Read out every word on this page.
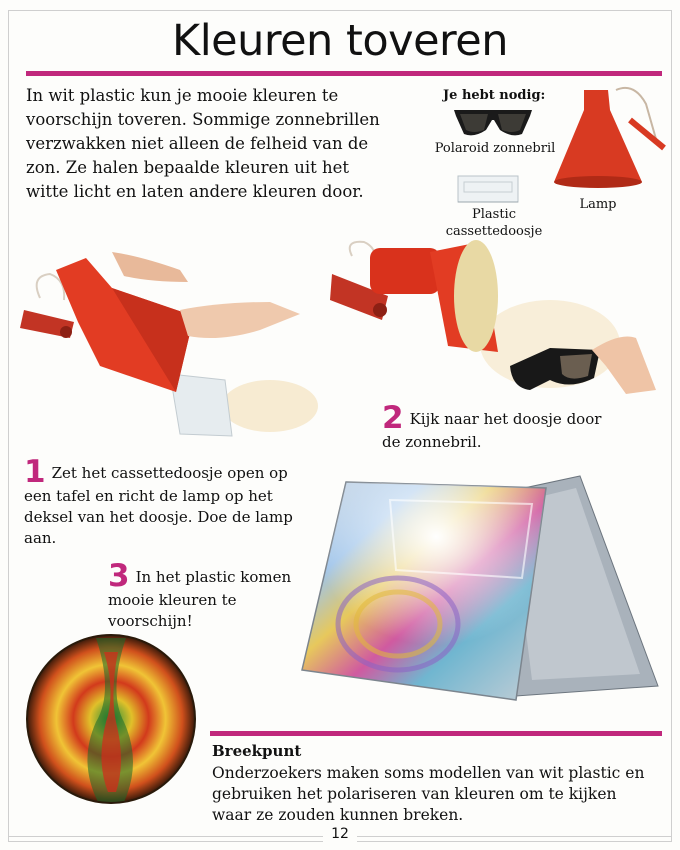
Kleuren toveren
In wit plastic kun je mooie kleuren te voorschijn toveren. Sommige zonnebrillen verzwakken niet alleen de felheid van de zon. Ze halen bepaalde kleuren uit het witte licht en laten andere kleuren door.
Je hebt nodig:
Polaroid zonnebril
Plastic cassettedoosje
Lamp
2 Kijk naar het doosje door de zonnebril.
1 Zet het cassettedoosje open op een tafel en richt de lamp op het deksel van het doosje. Doe de lamp aan.
3 In het plastic komen mooie kleuren te voorschijn!
Breekpunt
Onderzoekers maken soms modellen van wit plastic en gebruiken het polariseren van kleuren om te kijken waar ze zouden kunnen breken.
12
